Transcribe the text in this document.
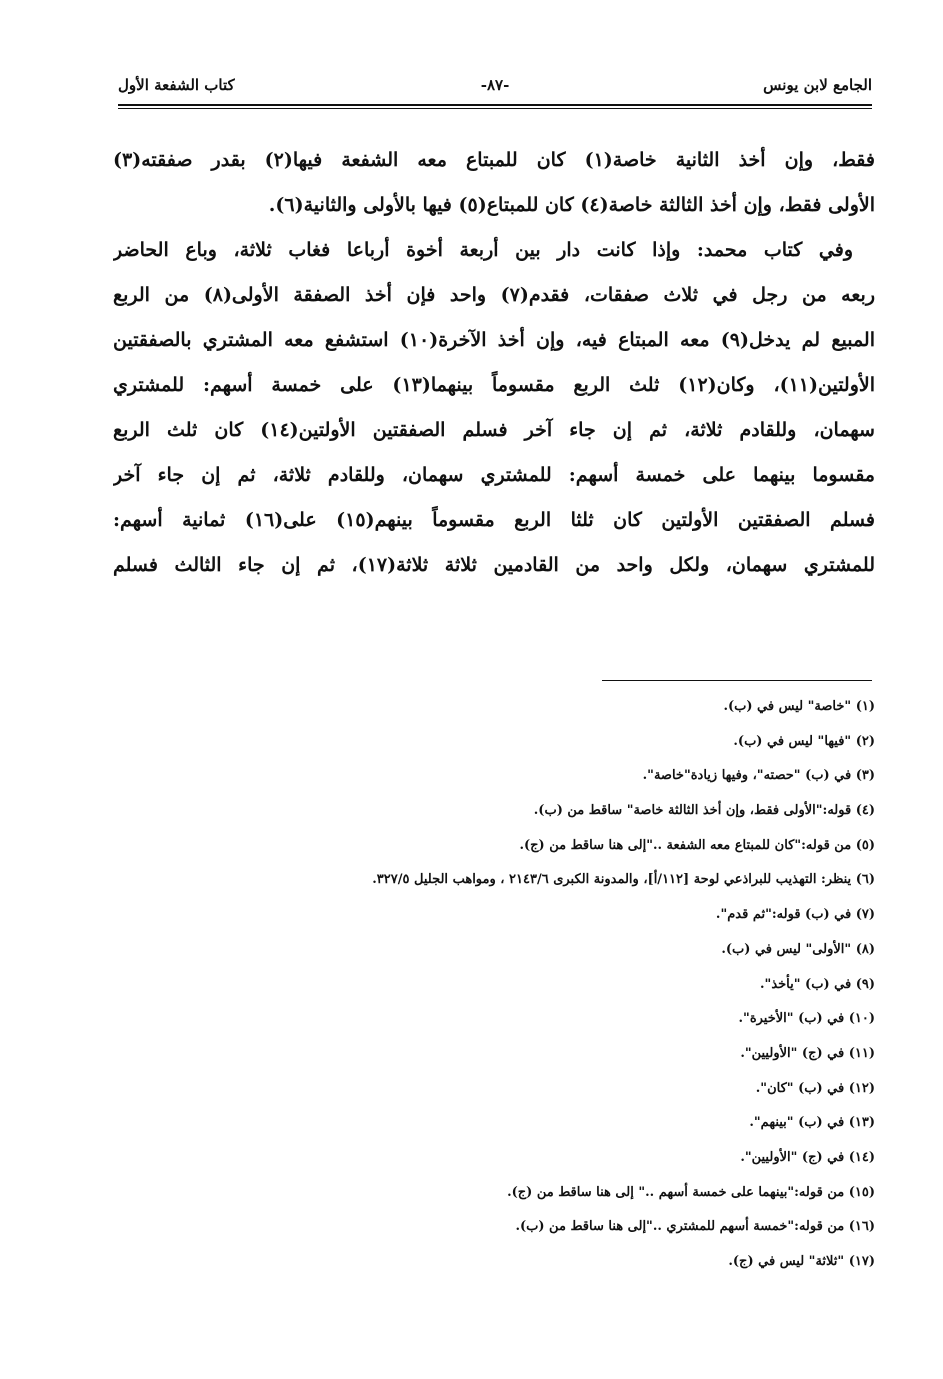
الجامع لابن يونس
-٨٧-
كتاب الشفعة الأول
فقط، وإن أخذ الثانية خاصة(١) كان للمبتاع معه الشفعة فيها(٢) بقدر صفقته(٣)
الأولى فقط، وإن أخذ الثالثة خاصة(٤) كان للمبتاع(٥) فيها بالأولى والثانية(٦).
وفي كتاب محمد: وإذا كانت دار بين أربعة أخوة أرباعا فغاب ثلاثة، وباع الحاضر
ربعه من رجل في ثلاث صفقات، فقدم(٧) واحد فإن أخذ الصفقة الأولى(٨) من الربع
المبيع لم يدخل(٩) معه المبتاع فيه، وإن أخذ الآخرة(١٠) استشفع معه المشتري بالصفقتين
الأولتين(١١)، وكان(١٢) ثلث الربع مقسوماً بينهما(١٣) على خمسة أسهم: للمشتري
سهمان، وللقادم ثلاثة، ثم إن جاء آخر فسلم الصفقتين الأولتين(١٤) كان ثلث الربع
مقسوما بينهما على خمسة أسهم: للمشتري سهمان، وللقادم ثلاثة، ثم إن جاء آخر
فسلم الصفقتين الأولتين كان ثلثا الربع مقسوماً بينهم(١٥) على(١٦) ثمانية أسهم:
للمشتري سهمان، ولكل واحد من القادمين ثلاثة ثلاثة(١٧)، ثم إن جاء الثالث فسلم
(١) "خاصة" ليس في (ب).
(٢) "فيها" ليس في (ب).
(٣) في (ب) "حصته"، وفيها زيادة"خاصة".
(٤) قوله:"الأولى فقط، وإن أخذ الثالثة خاصة" ساقط من (ب).
(٥) من قوله:"كان للمبتاع معه الشفعة .."إلى هنا ساقط من (ج).
(٦) ينظر: التهذيب للبراذعي لوحة [١١٢/أ]، والمدونة الكبرى ٢١٤٣/٦ ، ومواهب الجليل ٣٢٧/٥.
(٧) في (ب) قوله:"ثم قدم".
(٨) "الأولى" ليس في (ب).
(٩) في (ب) "يأخذ".
(١٠) في (ب) "الأخيرة".
(١١) في (ج) "الأوليين".
(١٢) في (ب) "كان".
(١٣) في (ب) "بينهم".
(١٤) في (ج) "الأوليين".
(١٥) من قوله:"بينهما على خمسة أسهم .." إلى هنا ساقط من (ج).
(١٦) من قوله:"خمسة أسهم للمشتري .."إلى هنا ساقط من (ب).
(١٧) "ثلاثة" ليس في (ج).
